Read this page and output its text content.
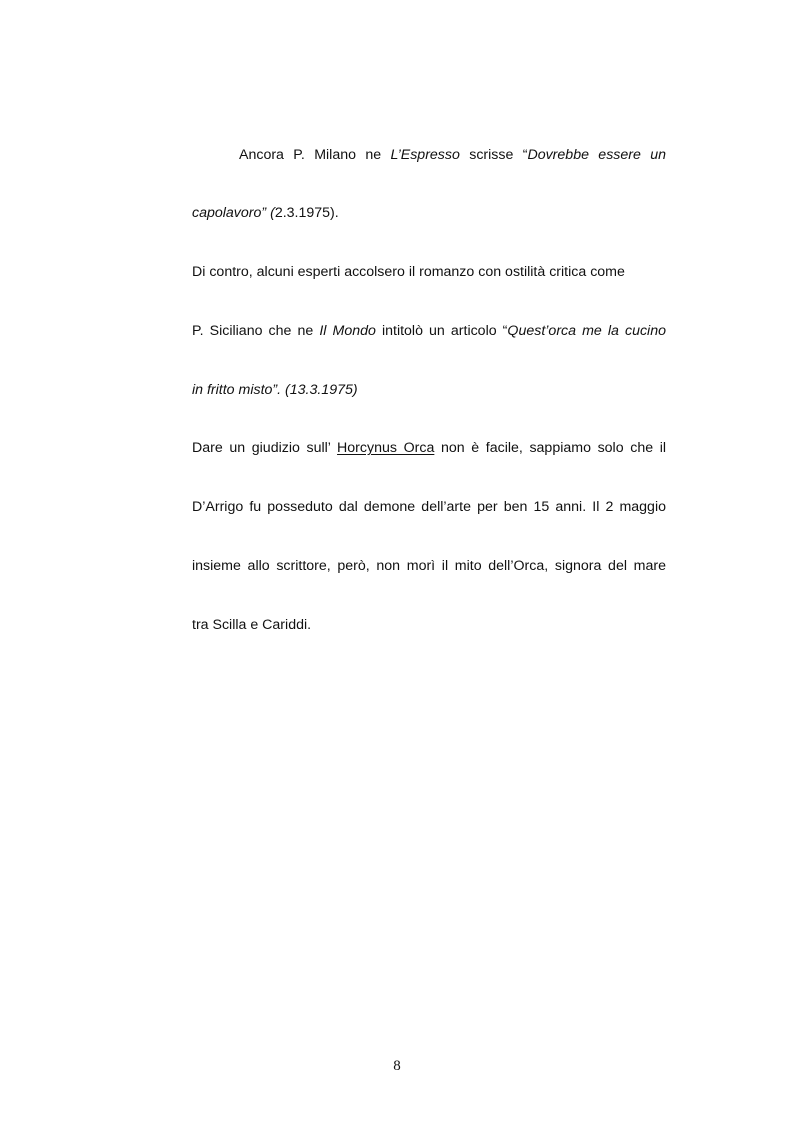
Ancora P. Milano ne L’Espresso scrisse “Dovrebbe essere un
capolavoro” (2.3.1975).
Di contro, alcuni esperti accolsero il romanzo con ostilità critica come
P. Siciliano che ne Il Mondo intitolò un articolo “Quest’orca me la cucino
in fritto misto”. (13.3.1975)
Dare un giudizio sull’ Horcynus Orca non è facile, sappiamo solo che il
D’Arrigo fu posseduto dal demone dell’arte per ben 15 anni. Il 2 maggio
insieme allo scrittore, però, non morì il mito dell’Orca, signora del mare
tra Scilla e Cariddi.
8
